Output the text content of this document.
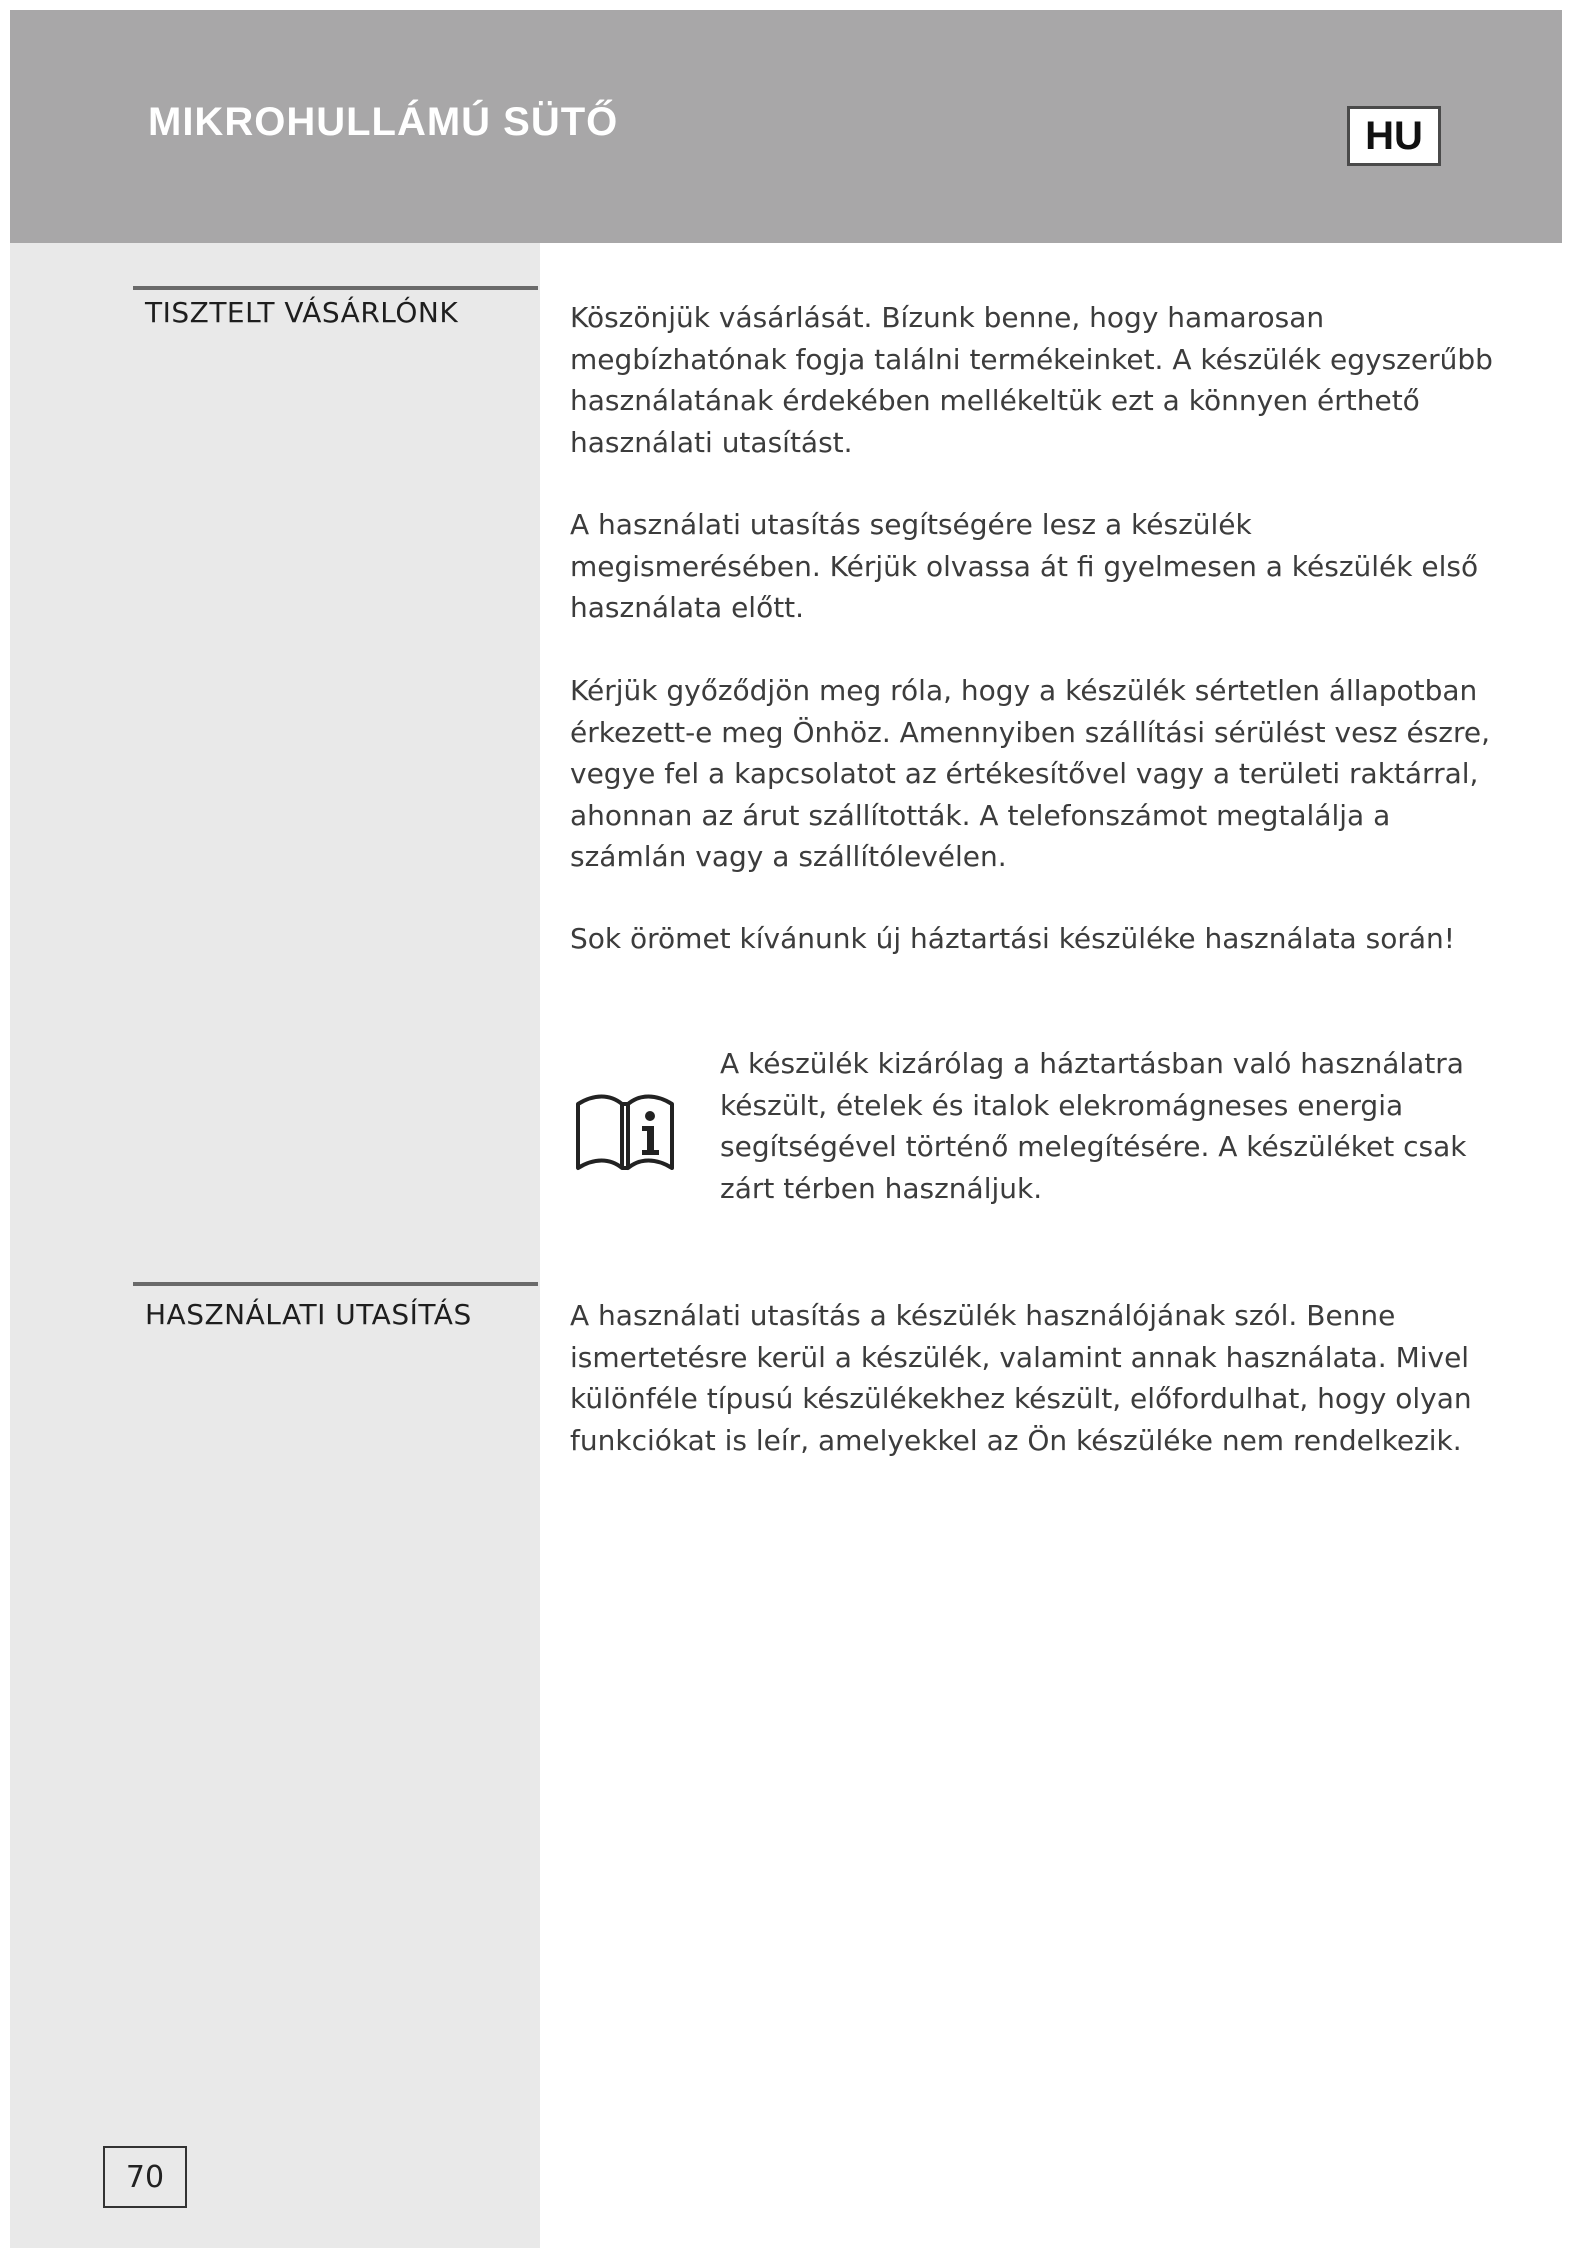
MIKROHULLÁMÚ SÜTŐ	HU
TISZTELT VÁSÁRLÓNK	Köszönjük vásárlását. Bízunk benne, hogy hamarosan megbízhatónak fogja találni termékeinket. A készülék egyszerűbb használatának érdekében mellékeltük ezt a könnyen érthető használati utasítást.

A használati utasítás segítségére lesz a készülék megismerésében. Kérjük olvassa át fi gyelmesen a készülék első használata előtt.

Kérjük győződjön meg róla, hogy a készülék sértetlen állapotban érkezett-e meg Önhöz. Amennyiben szállítási sérülést vesz észre, vegye fel a kapcsolatot az értékesítővel vagy a területi raktárral, ahonnan az árut szállították. A telefonszámot megtalálja a számlán vagy a szállítólevélen.

Sok örömet kívánunk új háztartási készüléke használata során!

A készülék kizárólag a háztartásban való használatra készült, ételek és italok elekromágneses energia segítségével történő melegítésére. A készüléket csak zárt térben használjuk.

HASZNÁLATI UTASÍTÁS	A használati utasítás a készülék használójának szól. Benne ismertetésre kerül a készülék, valamint annak használata. Mivel különféle típusú készülékekhez készült, előfordulhat, hogy olyan funkciókat is leír, amelyekkel az Ön készüléke nem rendelkezik.

70
